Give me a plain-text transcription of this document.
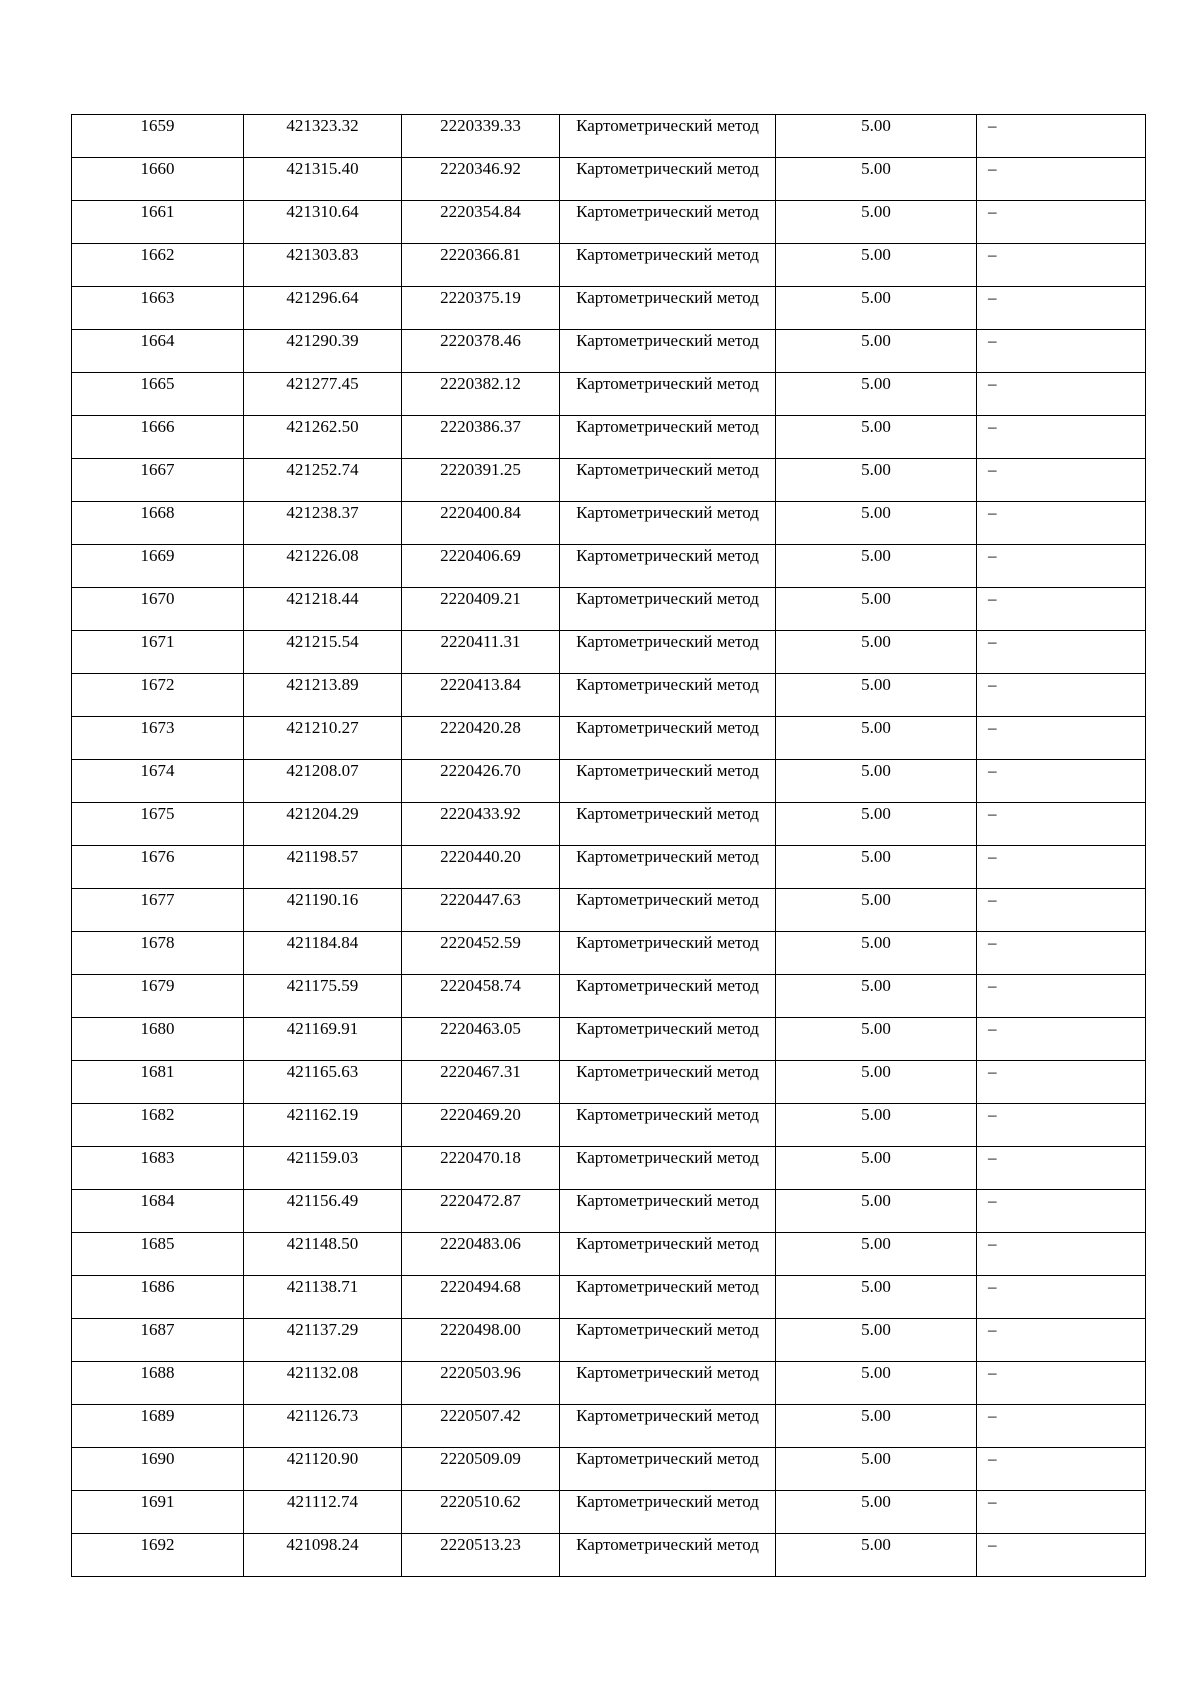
1659	421323.32	2220339.33	Картометрический метод	5.00	–
1660	421315.40	2220346.92	Картометрический метод	5.00	–
1661	421310.64	2220354.84	Картометрический метод	5.00	–
1662	421303.83	2220366.81	Картометрический метод	5.00	–
1663	421296.64	2220375.19	Картометрический метод	5.00	–
1664	421290.39	2220378.46	Картометрический метод	5.00	–
1665	421277.45	2220382.12	Картометрический метод	5.00	–
1666	421262.50	2220386.37	Картометрический метод	5.00	–
1667	421252.74	2220391.25	Картометрический метод	5.00	–
1668	421238.37	2220400.84	Картометрический метод	5.00	–
1669	421226.08	2220406.69	Картометрический метод	5.00	–
1670	421218.44	2220409.21	Картометрический метод	5.00	–
1671	421215.54	2220411.31	Картометрический метод	5.00	–
1672	421213.89	2220413.84	Картометрический метод	5.00	–
1673	421210.27	2220420.28	Картометрический метод	5.00	–
1674	421208.07	2220426.70	Картометрический метод	5.00	–
1675	421204.29	2220433.92	Картометрический метод	5.00	–
1676	421198.57	2220440.20	Картометрический метод	5.00	–
1677	421190.16	2220447.63	Картометрический метод	5.00	–
1678	421184.84	2220452.59	Картометрический метод	5.00	–
1679	421175.59	2220458.74	Картометрический метод	5.00	–
1680	421169.91	2220463.05	Картометрический метод	5.00	–
1681	421165.63	2220467.31	Картометрический метод	5.00	–
1682	421162.19	2220469.20	Картометрический метод	5.00	–
1683	421159.03	2220470.18	Картометрический метод	5.00	–
1684	421156.49	2220472.87	Картометрический метод	5.00	–
1685	421148.50	2220483.06	Картометрический метод	5.00	–
1686	421138.71	2220494.68	Картометрический метод	5.00	–
1687	421137.29	2220498.00	Картометрический метод	5.00	–
1688	421132.08	2220503.96	Картометрический метод	5.00	–
1689	421126.73	2220507.42	Картометрический метод	5.00	–
1690	421120.90	2220509.09	Картометрический метод	5.00	–
1691	421112.74	2220510.62	Картометрический метод	5.00	–
1692	421098.24	2220513.23	Картометрический метод	5.00	–
